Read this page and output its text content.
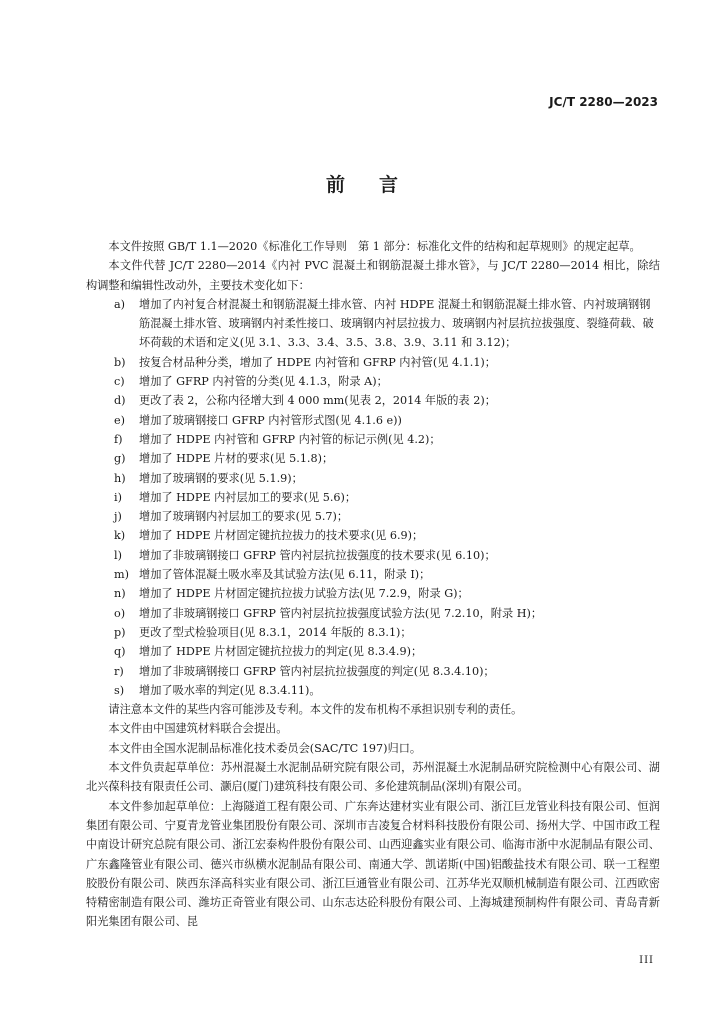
JC/T 2280—2023
前言
本文件按照 GB/T 1.1—2020《标准化工作导则　第 1 部分：标准化文件的结构和起草规则》的规定起草。
本文件代替 JC/T 2280—2014《内衬 PVC 混凝土和钢筋混凝土排水管》，与 JC/T 2280—2014 相比，除结构调整和编辑性改动外，主要技术变化如下：
a)	增加了内衬复合材混凝土和钢筋混凝土排水管、内衬 HDPE 混凝土和钢筋混凝土排水管、内衬玻璃钢钢筋混凝土排水管、玻璃钢内衬柔性接口、玻璃钢内衬层拉拔力、玻璃钢内衬层抗拉拔强度、裂缝荷载、破坏荷载的术语和定义(见 3.1、3.3、3.4、3.5、3.8、3.9、3.11 和 3.12)；
b)	按复合材品种分类，增加了 HDPE 内衬管和 GFRP 内衬管(见 4.1.1)；
c)	增加了 GFRP 内衬管的分类(见 4.1.3，附录 A)；
d)	更改了表 2，公称内径增大到 4 000 mm(见表 2，2014 年版的表 2)；
e)	增加了玻璃钢接口 GFRP 内衬管形式图(见 4.1.6 e))
f)	增加了 HDPE 内衬管和 GFRP 内衬管的标记示例(见 4.2)；
g)	增加了 HDPE 片材的要求(见 5.1.8)；
h)	增加了玻璃钢的要求(见 5.1.9)；
i)	增加了 HDPE 内衬层加工的要求(见 5.6)；
j)	增加了玻璃钢内衬层加工的要求(见 5.7)；
k)	增加了 HDPE 片材固定键抗拉拔力的技术要求(见 6.9)；
l)	增加了非玻璃钢接口 GFRP 管内衬层抗拉拔强度的技术要求(见 6.10)；
m) 增加了管体混凝土吸水率及其试验方法(见 6.11，附录 I)；
n)	增加了 HDPE 片材固定键抗拉拔力试验方法(见 7.2.9，附录 G)；
o)	增加了非玻璃钢接口 GFRP 管内衬层抗拉拔强度试验方法(见 7.2.10，附录 H)；
p)	更改了型式检验项目(见 8.3.1，2014 年版的 8.3.1)；
q)	增加了 HDPE 片材固定键抗拉拔力的判定(见 8.3.4.9)；
r)	增加了非玻璃钢接口 GFRP 管内衬层抗拉拔强度的判定(见 8.3.4.10)；
s)	增加了吸水率的判定(见 8.3.4.11)。
请注意本文件的某些内容可能涉及专利。本文件的发布机构不承担识别专利的责任。
本文件由中国建筑材料联合会提出。
本文件由全国水泥制品标准化技术委员会(SAC/TC 197)归口。
本文件负责起草单位：苏州混凝土水泥制品研究院有限公司，苏州混凝土水泥制品研究院检测中心有限公司、湖北兴葆科技有限责任公司、灏启(厦门)建筑科技有限公司、多伦建筑制品(深圳)有限公司。
本文件参加起草单位：上海隧道工程有限公司、广东奔达建材实业有限公司、浙江巨龙管业科技有限公司、恒润集团有限公司、宁夏青龙管业集团股份有限公司、深圳市吉凌复合材料科技股份有限公司、扬州大学、中国市政工程中南设计研究总院有限公司、浙江宏泰构件股份有限公司、山西迎鑫实业有限公司、临海市浙中水泥制品有限公司、广东鑫隆管业有限公司、德兴市纵横水泥制品有限公司、南通大学、凯诺斯(中国)铝酸盐技术有限公司、联一工程塑胶股份有限公司、陕西东泽高科实业有限公司、浙江巨通管业有限公司、江苏华光双顺机械制造有限公司、江西欧密特精密制造有限公司、潍坊正奇管业有限公司、山东志达砼科股份有限公司、上海城建预制构件有限公司、青岛青新阳光集团有限公司、昆
III
